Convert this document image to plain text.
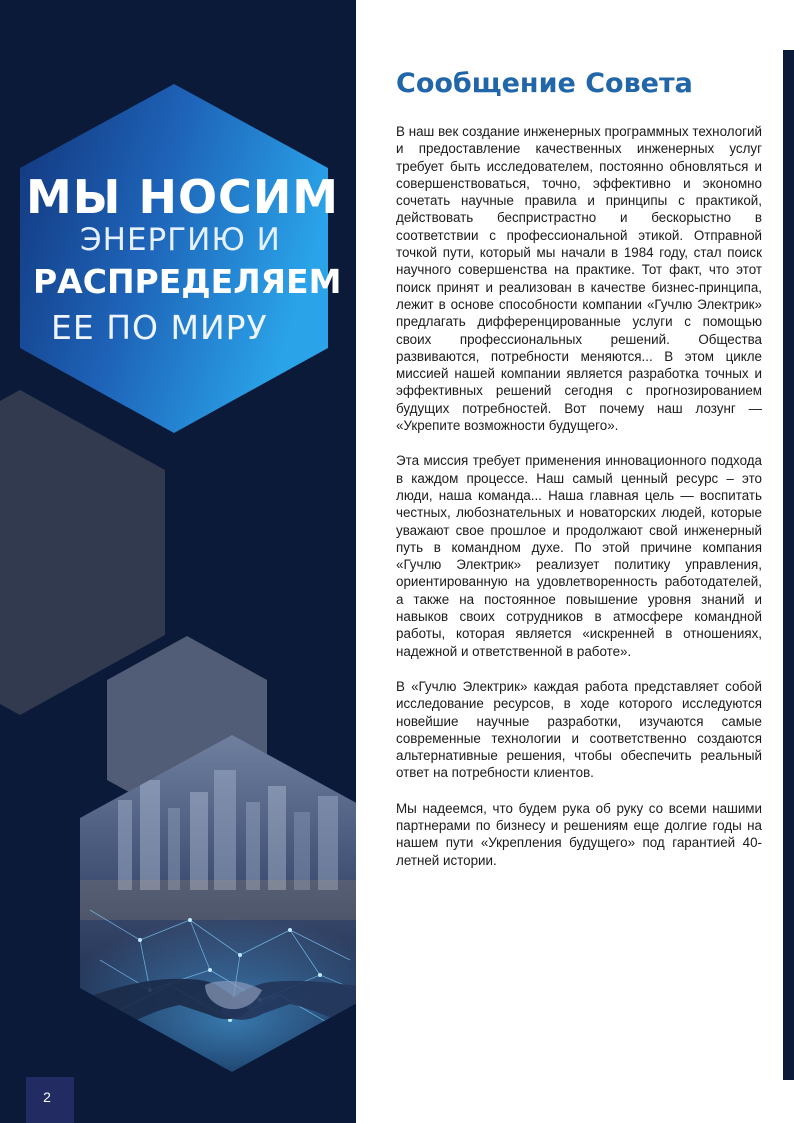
МЫ НОСИМ
ЭНЕРГИЮ И
РАСПРЕДЕЛЯЕМ
ЕЕ ПО МИРУ
2
Сообщение Совета

В наш век создание инженерных программных технологий и предоставление качественных инженерных услуг требует быть исследователем, постоянно обновляться и совершенствоваться, точно, эффективно и экономно сочетать научные правила и принципы с практикой, действовать беспристрастно и бескорыстно в соответствии с профессиональной этикой. Отправной точкой пути, который мы начали в 1984 году, стал поиск научного совершенства на практике. Тот факт, что этот поиск принят и реализован в качестве бизнес-принципа, лежит в основе способности компании «Гучлю Электрик» предлагать дифференцированные услуги с помощью своих профессиональных решений. Общества развиваются, потребности меняются... В этом цикле миссией нашей компании является разработка точных и эффективных решений сегодня с прогнозированием будущих потребностей. Вот почему наш лозунг — «Укрепите возможности будущего».

Эта миссия требует применения инновационного подхода в каждом процессе. Наш самый ценный ресурс – это люди, наша команда... Наша главная цель — воспитать честных, любознательных и новаторских людей, которые уважают свое прошлое и продолжают свой инженерный путь в командном духе. По этой причине компания «Гучлю Электрик» реализует политику управления, ориентированную на удовлетворенность работодателей, а также на постоянное повышение уровня знаний и навыков своих сотрудников в атмосфере командной работы, которая является «искренней в отношениях, надежной и ответственной в работе».

В «Гучлю Электрик» каждая работа представляет собой исследование ресурсов, в ходе которого исследуются новейшие научные разработки, изучаются самые современные технологии и соответственно создаются альтернативные решения, чтобы обеспечить реальный ответ на потребности клиентов.

Мы надеемся, что будем рука об руку со всеми нашими партнерами по бизнесу и решениям еще долгие годы на нашем пути «Укрепления будущего» под гарантией 40-летней истории.
